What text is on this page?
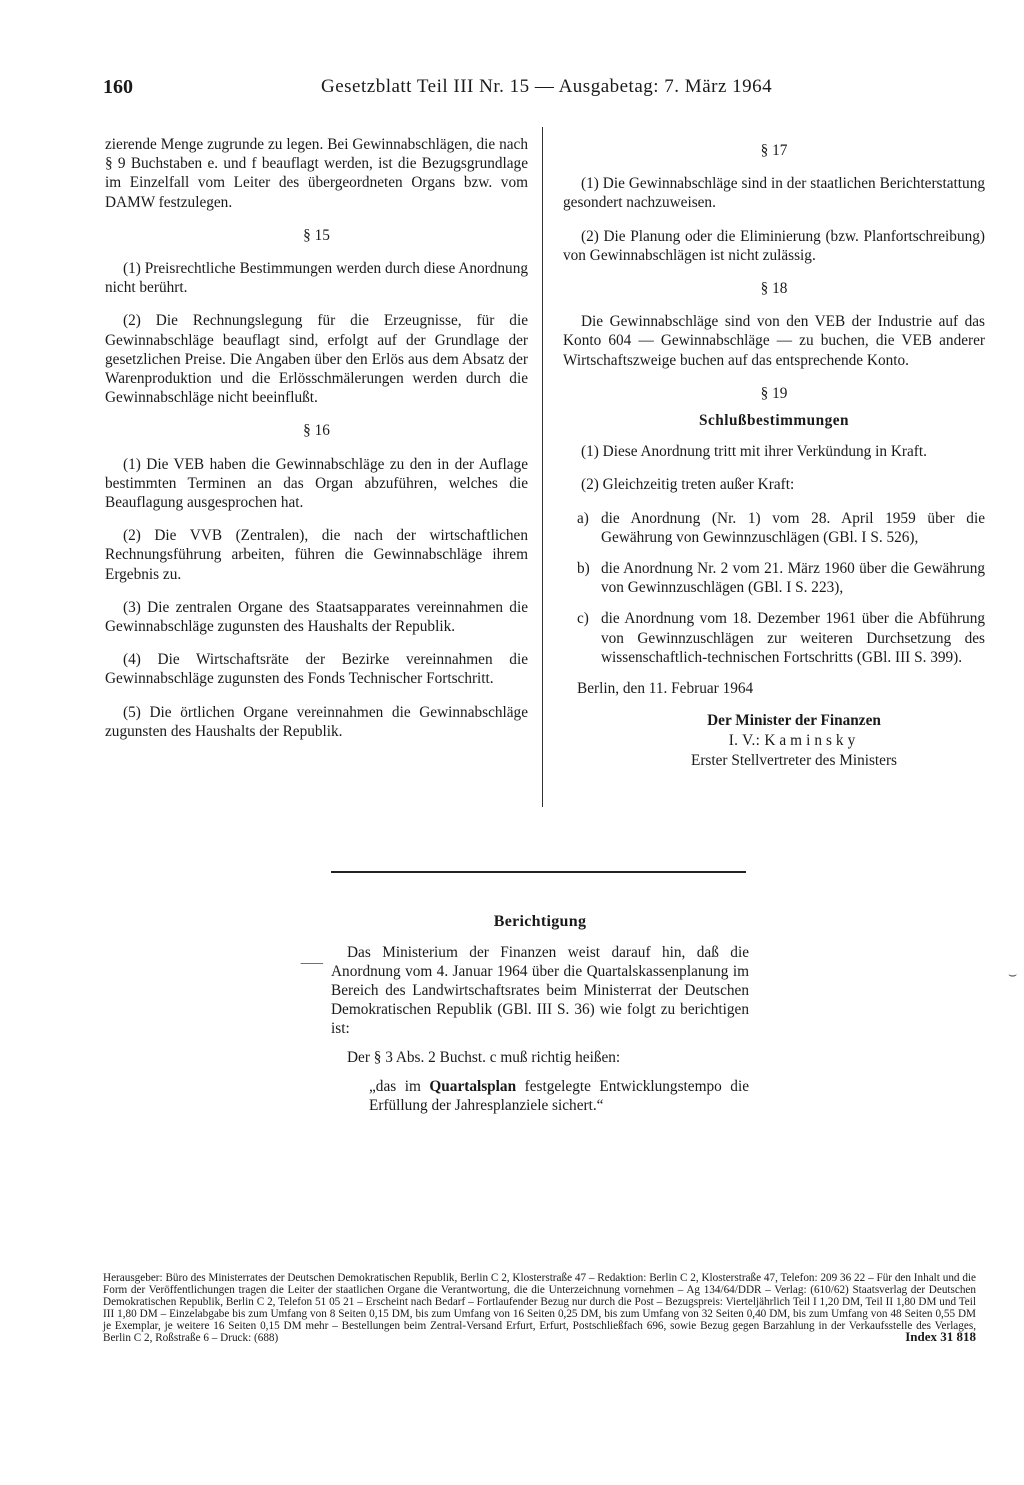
160	Gesetzblatt Teil III Nr. 15 — Ausgabetag: 7. März 1964

zierende Menge zugrunde zu legen. Bei Gewinnabschlägen, die nach § 9 Buchstaben e. und f beauflagt werden, ist die Bezugsgrundlage im Einzelfall vom Leiter des übergeordneten Organs bzw. vom DAMW festzulegen.

§ 15

(1) Preisrechtliche Bestimmungen werden durch diese Anordnung nicht berührt.

(2) Die Rechnungslegung für die Erzeugnisse, für die Gewinnabschläge beauflagt sind, erfolgt auf der Grundlage der gesetzlichen Preise. Die Angaben über den Erlös aus dem Absatz der Warenproduktion und die Erlösschmälerungen werden durch die Gewinnabschläge nicht beeinflußt.

§ 16

(1) Die VEB haben die Gewinnabschläge zu den in der Auflage bestimmten Terminen an das Organ abzuführen, welches die Beauflagung ausgesprochen hat.

(2) Die VVB (Zentralen), die nach der wirtschaftlichen Rechnungsführung arbeiten, führen die Gewinnabschläge ihrem Ergebnis zu.

(3) Die zentralen Organe des Staatsapparates vereinnahmen die Gewinnabschläge zugunsten des Haushalts der Republik.

(4) Die Wirtschaftsräte der Bezirke vereinnahmen die Gewinnabschläge zugunsten des Fonds Technischer Fortschritt.

(5) Die örtlichen Organe vereinnahmen die Gewinnabschläge zugunsten des Haushalts der Republik.

§ 17

(1) Die Gewinnabschläge sind in der staatlichen Berichterstattung gesondert nachzuweisen.

(2) Die Planung oder die Eliminierung (bzw. Planfortschreibung) von Gewinnabschlägen ist nicht zulässig.

§ 18

Die Gewinnabschläge sind von den VEB der Industrie auf das Konto 604 — Gewinnabschläge — zu buchen, die VEB anderer Wirtschaftszweige buchen auf das entsprechende Konto.

§ 19
Schlußbestimmungen

(1) Diese Anordnung tritt mit ihrer Verkündung in Kraft.

(2) Gleichzeitig treten außer Kraft:

a) die Anordnung (Nr. 1) vom 28. April 1959 über die Gewährung von Gewinnzuschlägen (GBl. I S. 526),
b) die Anordnung Nr. 2 vom 21. März 1960 über die Gewährung von Gewinnzuschlägen (GBl. I S. 223),
c) die Anordnung vom 18. Dezember 1961 über die Abführung von Gewinnzuschlägen zur weiteren Durchsetzung des wissenschaftlich-technischen Fortschritts (GBl. III S. 399).
Berlin, den 11. Februar 1964
Der Minister der Finanzen
I. V.: Kaminsky
Erster Stellvertreter des Ministers
Berichtigung

Das Ministerium der Finanzen weist darauf hin, daß die Anordnung vom 4. Januar 1964 über die Quartalskassenplanung im Bereich des Landwirtschaftsrates beim Ministerrat der Deutschen Demokratischen Republik (GBl. III S. 36) wie folgt zu berichtigen ist:

Der § 3 Abs. 2 Buchst. c muß richtig heißen:

„das im Quartalsplan festgelegte Entwicklungstempo die Erfüllung der Jahresplanziele sichert.“

⸺
⌣
Herausgeber: Büro des Ministerrates der Deutschen Demokratischen Republik, Berlin C 2, Klosterstraße 47 – Redaktion: Berlin C 2, Klosterstraße 47, Telefon: 209 36 22 – Für den Inhalt und die Form der Veröffentlichungen tragen die Leiter der staatlichen Organe die Verantwortung, die die Unterzeichnung vornehmen – Ag 134/64/DDR – Verlag: (610/62) Staatsverlag der Deutschen Demokratischen Republik, Berlin C 2, Telefon 51 05 21 – Erscheint nach Bedarf – Fortlaufender Bezug nur durch die Post – Bezugspreis: Vierteljährlich Teil I 1,20 DM, Teil II 1,80 DM und Teil III 1,80 DM – Einzelabgabe bis zum Umfang von 8 Seiten 0,15 DM, bis zum Umfang von 16 Seiten 0,25 DM, bis zum Umfang von 32 Seiten 0,40 DM, bis zum Umfang von 48 Seiten 0,55 DM je Exemplar, je weitere 16 Seiten 0,15 DM mehr – Bestellungen beim Zentral-Versand Erfurt, Erfurt, Postschließfach 696, sowie Bezug gegen Barzahlung in der Verkaufsstelle des Verlages, Berlin C 2, Roßstraße 6 – Druck: (688)	Index 31 818
